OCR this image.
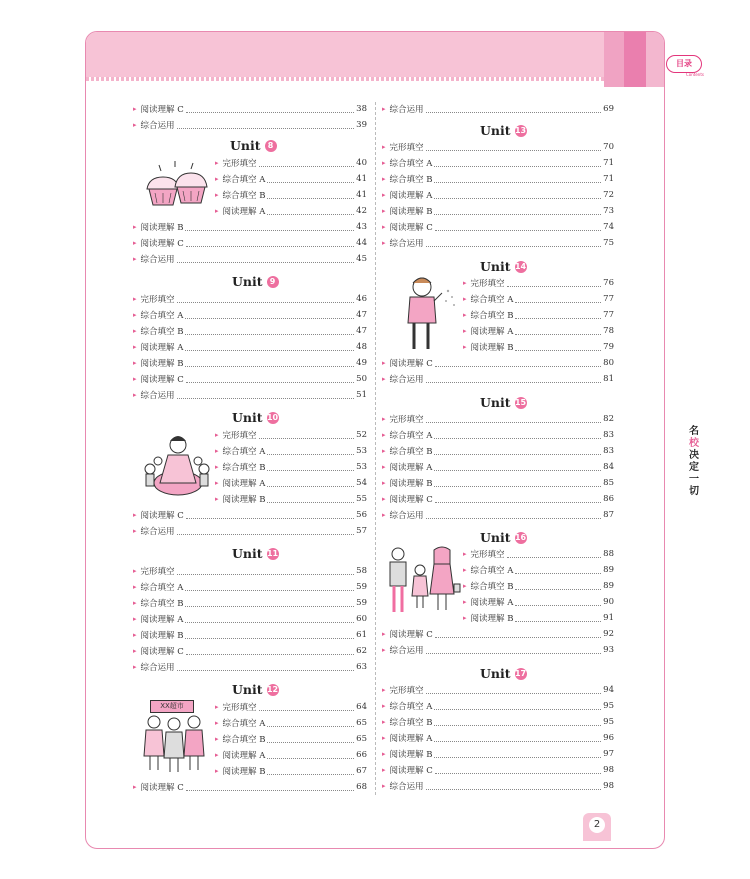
目录
Contents
▸ 阅读理解 C	38
▸ 综合运用	39
Unit 8
▸ 完形填空	40
▸ 综合填空 A	41
▸ 综合填空 B	41
▸ 阅读理解 A	42
▸ 阅读理解 B	43
▸ 阅读理解 C	44
▸ 综合运用	45
Unit 9
▸ 完形填空	46
▸ 综合填空 A	47
▸ 综合填空 B	47
▸ 阅读理解 A	48
▸ 阅读理解 B	49
▸ 阅读理解 C	50
▸ 综合运用	51
Unit 10
▸ 完形填空	52
▸ 综合填空 A	53
▸ 综合填空 B	53
▸ 阅读理解 A	54
▸ 阅读理解 B	55
▸ 阅读理解 C	56
▸ 综合运用	57
Unit 11
▸ 完形填空	58
▸ 综合填空 A	59
▸ 综合填空 B	59
▸ 阅读理解 A	60
▸ 阅读理解 B	61
▸ 阅读理解 C	62
▸ 综合运用	63
Unit 12
XX超市	▸ 完形填空	64
▸ 综合填空 A	65
▸ 综合填空 B	65
▸ 阅读理解 A	66
▸ 阅读理解 B	67
▸ 阅读理解 C	68
▸ 综合运用	69
Unit 13
▸ 完形填空	70
▸ 综合填空 A	71
▸ 综合填空 B	71
▸ 阅读理解 A	72
▸ 阅读理解 B	73
▸ 阅读理解 C	74
▸ 综合运用	75
Unit 14
▸ 完形填空	76
▸ 综合填空 A	77
▸ 综合填空 B	77
▸ 阅读理解 A	78
▸ 阅读理解 B	79
▸ 阅读理解 C	80
▸ 综合运用	81
Unit 15
▸ 完形填空	82
▸ 综合填空 A	83
▸ 综合填空 B	83
▸ 阅读理解 A	84
▸ 阅读理解 B	85
▸ 阅读理解 C	86
▸ 综合运用	87
Unit 16
▸ 完形填空	88
▸ 综合填空 A	89
▸ 综合填空 B	89
▸ 阅读理解 A	90
▸ 阅读理解 B	91
▸ 阅读理解 C	92
▸ 综合运用	93
Unit 17
▸ 完形填空	94
▸ 综合填空 A	95
▸ 综合填空 B	95
▸ 阅读理解 A	96
▸ 阅读理解 B	97
▸ 阅读理解 C	98
▸ 综合运用	98
名
校
决
定
一
切
2
